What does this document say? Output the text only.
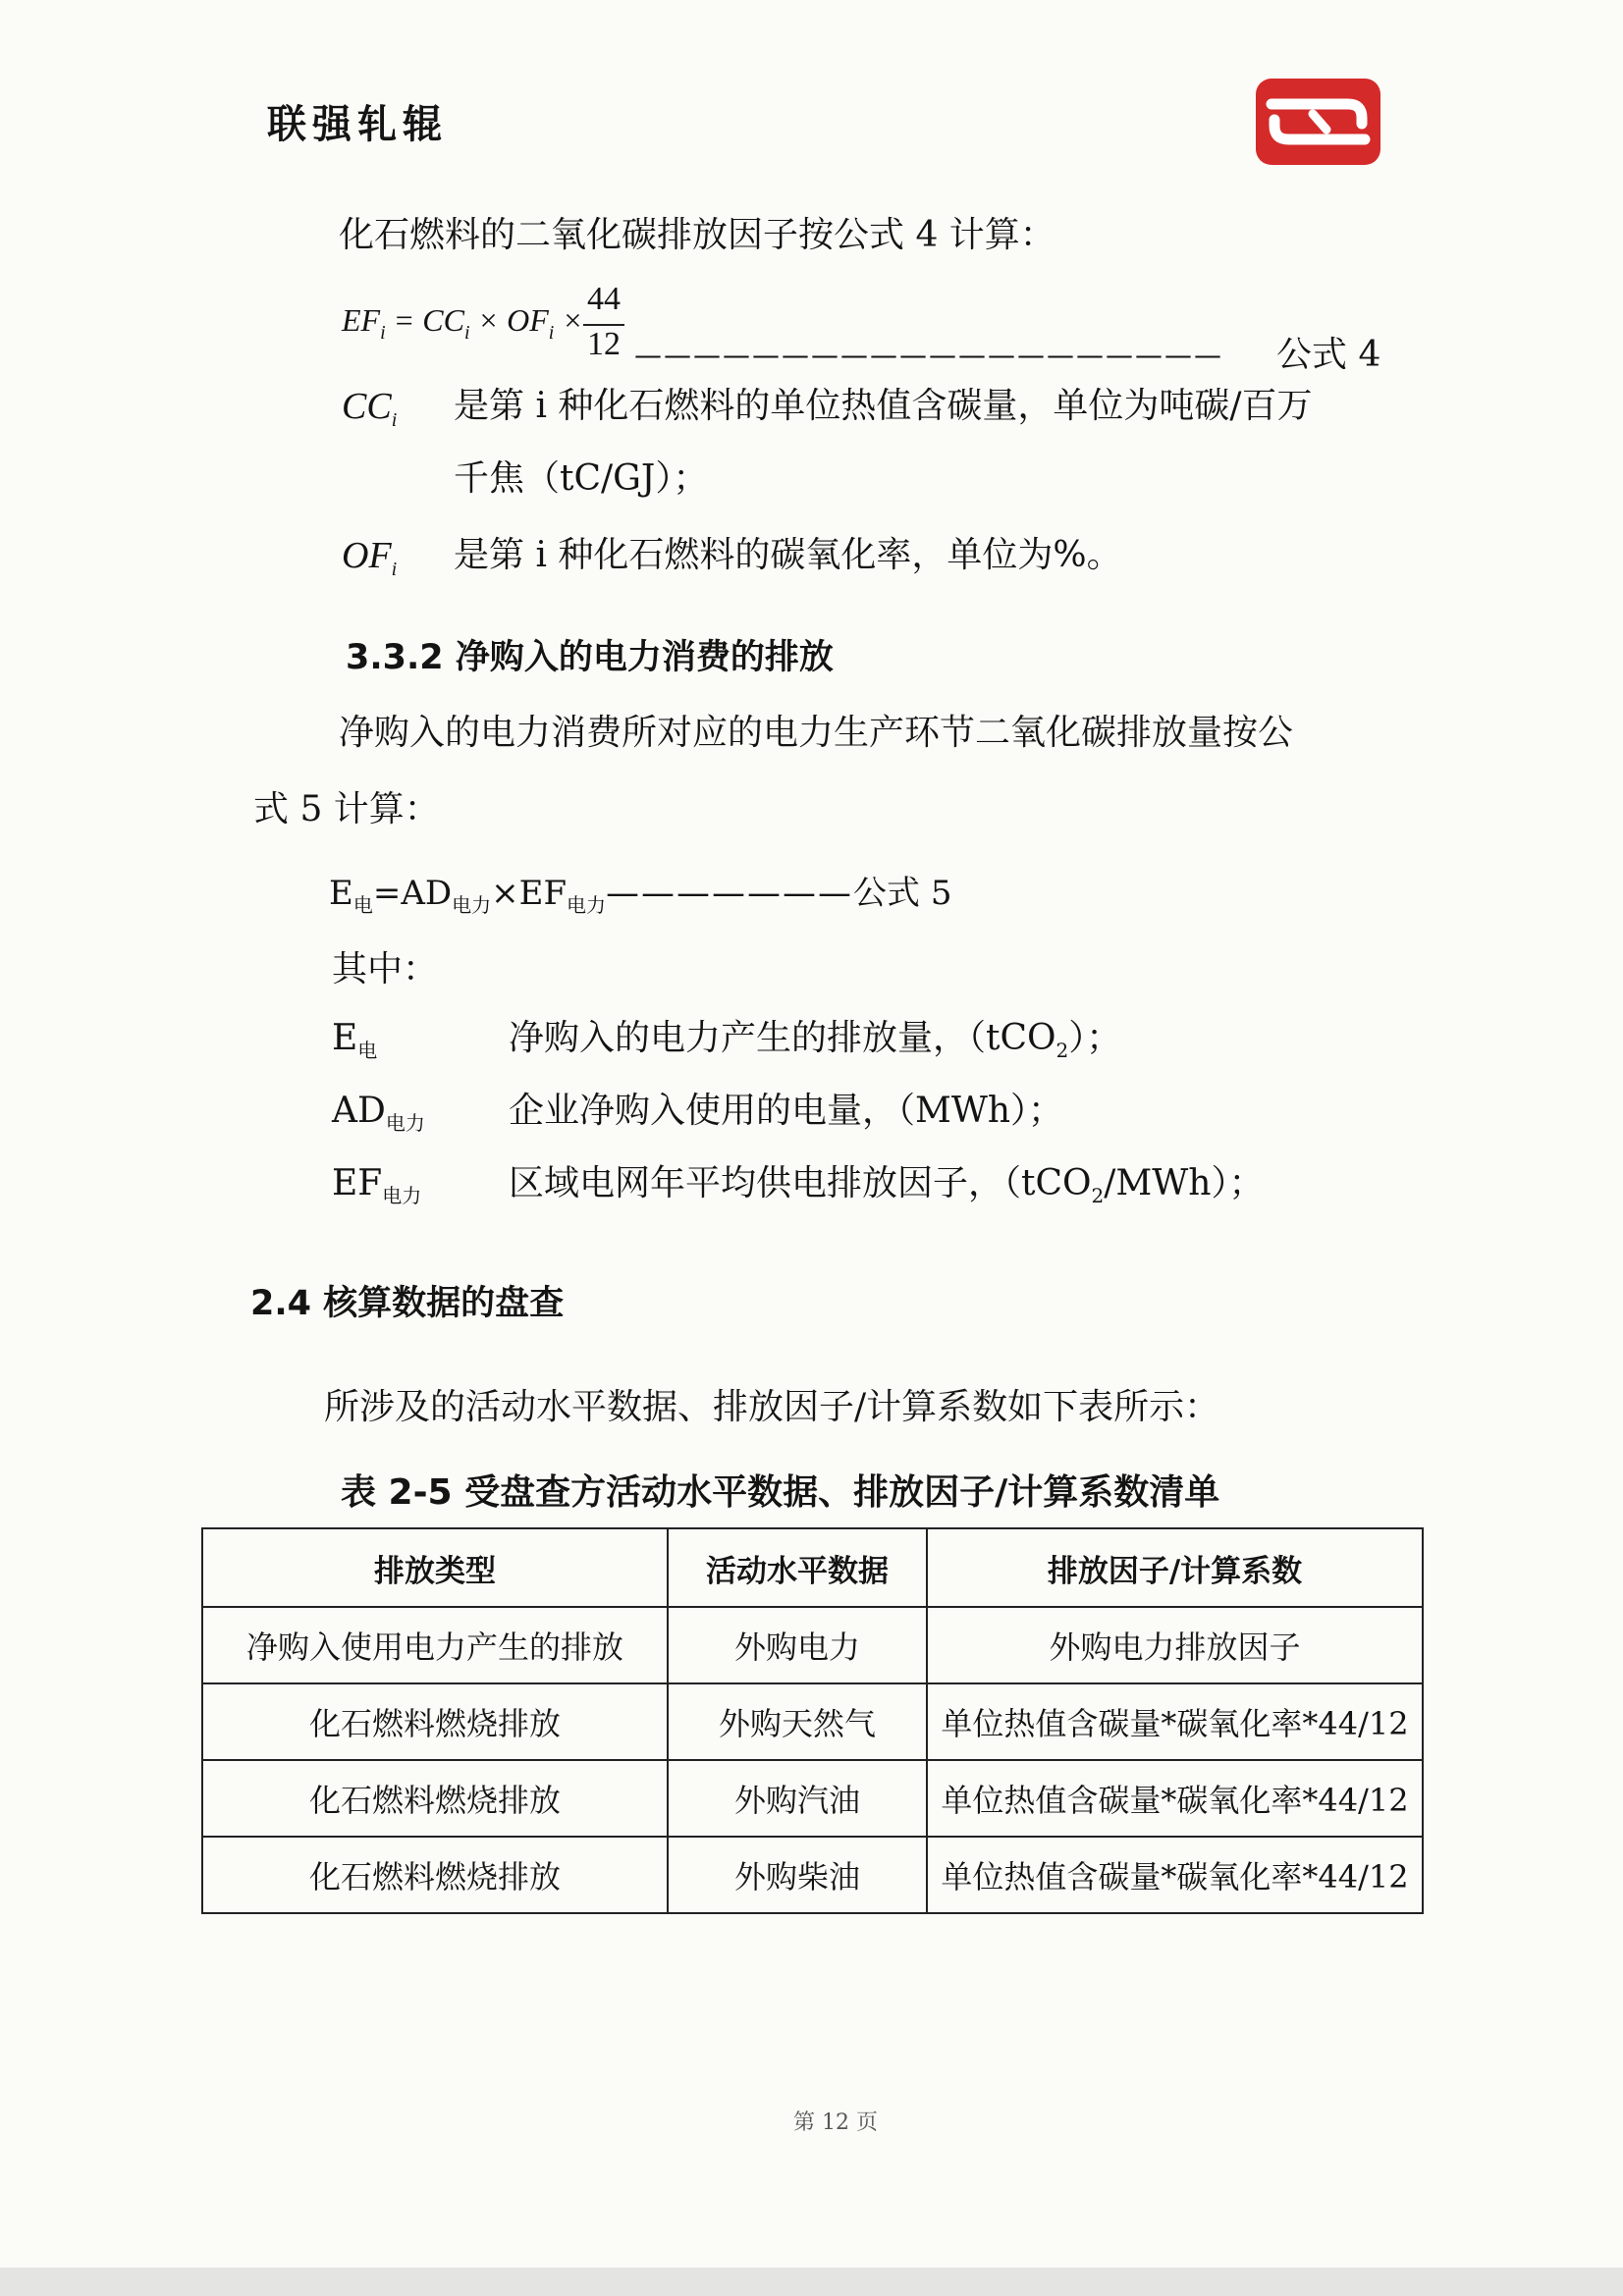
联强轧辊
化石燃料的二氧化碳排放因子按公式 4 计算：
$EF_i = CC_i \times OF_i$ ×
44
12 ———————————————————— 公式 4
$CC_i$ 是第 i 种化石燃料的单位热值含碳量，单位为吨碳/百万
千焦（tC/GJ）；
$OF_i$ 是第 i 种化石燃料的碳氧化率，单位为%。
3.3.2 净购入的电力消费的排放
净购入的电力消费所对应的电力生产环节二氧化碳排放量按公
式 5 计算：
$E_电=AD_{电力}\times EF_{电力}———————$公式 5
其中：
$E_电$	净购入的电力产生的排放量，（tCO$_2$）；
$AD_{电力}$ 企业净购入使用的电量，（MWh）；
$EF_{电力}$ 区域电网年平均供电排放因子，（tCO$_2$/MWh）；
2.4 核算数据的盘查
所涉及的活动水平数据、排放因子/计算系数如下表所示：
表 2-5 受盘查方活动水平数据、排放因子/计算系数清单
排放类型	活动水平数据	排放因子/计算系数
净购入使用电力产生的排放	外购电力	外购电力排放因子
化石燃料燃烧排放	外购天然气	单位热值含碳量*碳氧化率*44/12
化石燃料燃烧排放	外购汽油	单位热值含碳量*碳氧化率*44/12
化石燃料燃烧排放	外购柴油	单位热值含碳量*碳氧化率*44/12
第 12 页
